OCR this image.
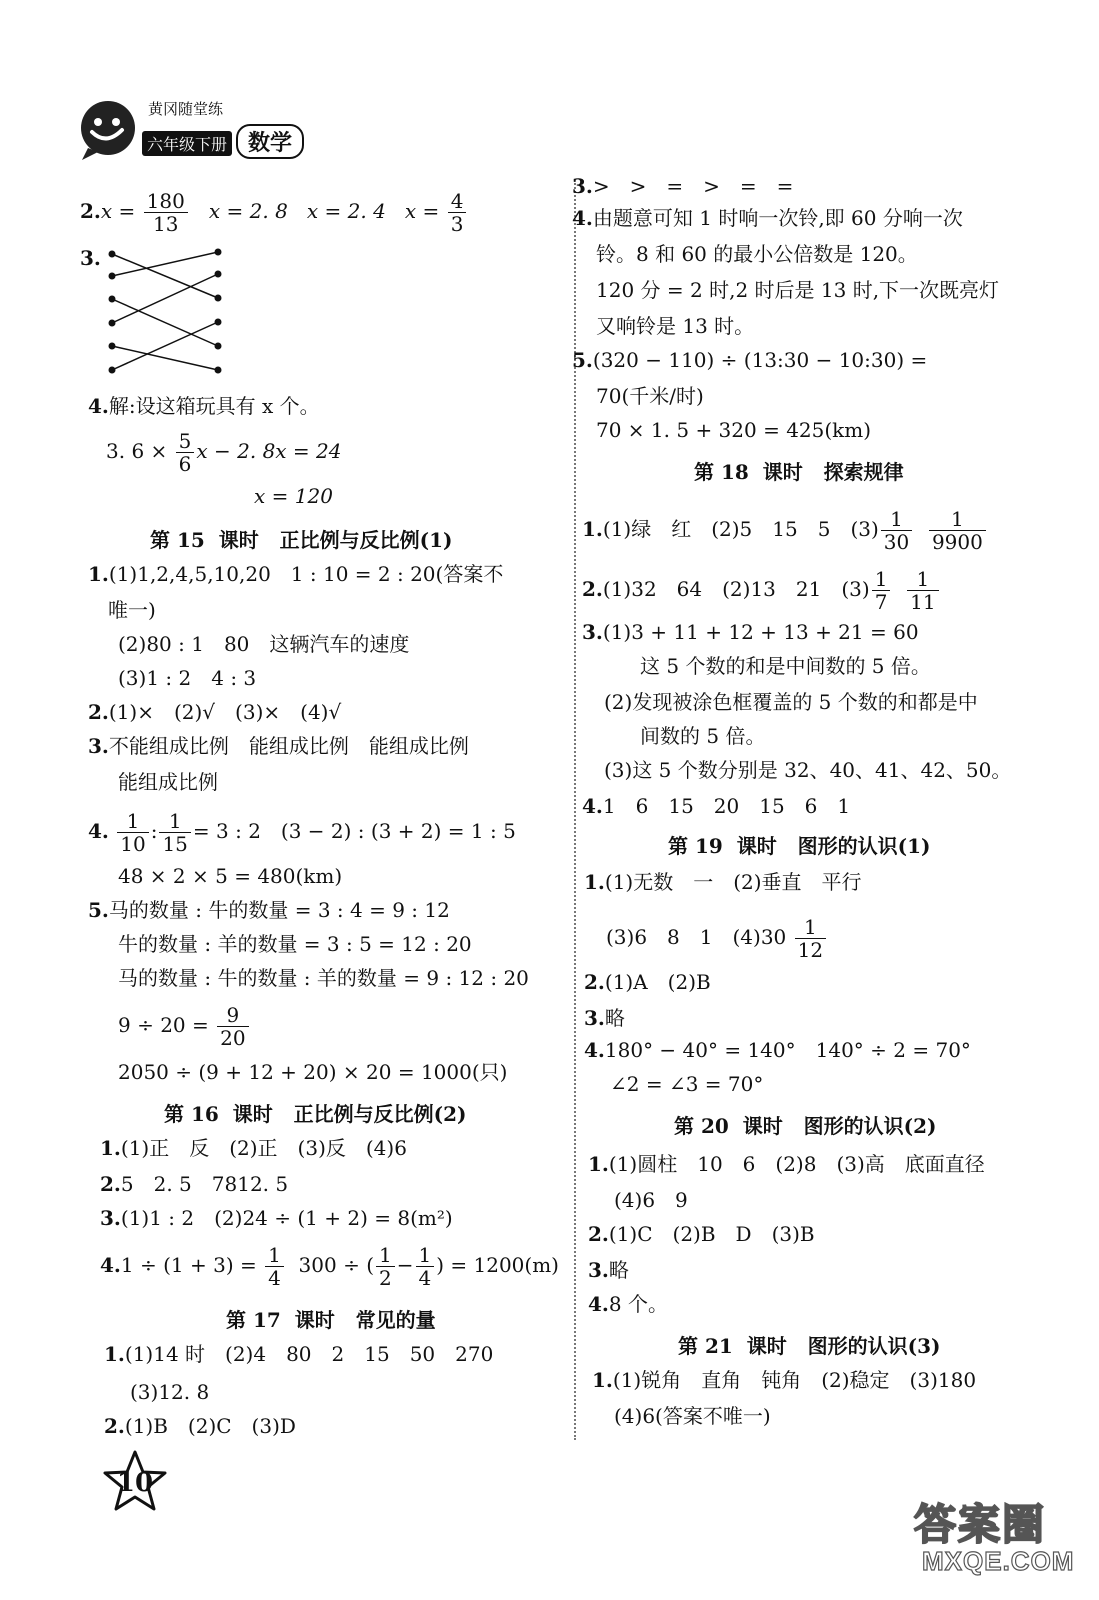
黄冈随堂练
六年级下册 数学
$2.x = \frac{180}{13}$ x = 2. 8 x = 2. 4 $x = \frac{4}{3}$
3.
4.解:设这箱玩具有 x 个。
3. $6 \times \frac{5}{6}$ x − 2. 8x = 24
x = 120
第 15 课时 正比例与反比例(1)
1.(1)1,2,4,5,10,20　1 : 10 = 2 : 20(答案不
唯一)
(2)80 : 1　80　这辆汽车的速度
(3)1 : 2　4 : 3
2.(1)×　(2)√　(3)×　(4)√
3.不能组成比例　能组成比例　能组成比例
能组成比例
4. $\frac{1}{10}$ : $\frac{1}{15} = 3$ : 2　(3 − 2) : (3 + 2) = 1 : 5
48 × 2 × 5 = 480(km)
5.马的数量 : 牛的数量 = 3 : 4 = 9 : 12
牛的数量 : 羊的数量 = 3 : 5 = 12 : 20
马的数量 : 牛的数量 : 羊的数量 = 9 : 12 : 20
$9 \div 20 = \frac{9}{20}$
2050 ÷ (9 + 12 + 20) × 20 = 1000(只)
第 16 课时 正比例与反比例(2)
1.(1)正　反　(2)正　(3)反　(4)6
2.5　2. 5　7812. 5
3.(1)1 : 2　(2)24 ÷ (1 + 2) = 8(m²)
$4.1 \div (1 + 3) = \frac{1}{4} 300$ ÷ ( $\frac{1}{2} - \frac{1}{4}$ ) = 1200(m)
第 17 课时 常见的量
1.(1)14 时　(2)4　80　2　15　50　270
(3)12. 8
2.(1)B　(2)C　(3)D
3.>　>　=　>　=　=
4.由题意可知 1 时响一次铃,即 60 分响一次
铃。8 和 60 的最小公倍数是 120。
120 分 = 2 时,2 时后是 13 时,下一次既亮灯
又响铃是 13 时。
5.(320 − 110) ÷ (13:30 − 10:30) =
70(千米/时)
70 × 1. 5 + 320 = 425(km)
第 18 课时 探索规律
1.(1)绿　红　(2)5　15　5　$(3) \frac{1}{30}$
$\frac{1}{9900}$
2.(1)32　64　(2)13　21　$(3) \frac{1}{7}$
$\frac{1}{11}$
3.(1)3 + 11 + 12 + 13 + 21 = 60
这 5 个数的和是中间数的 5 倍。
(2)发现被涂色框覆盖的 5 个数的和都是中
间数的 5 倍。
(3)这 5 个数分别是 32、40、41、42、50。
4.1　6　15　20　15　6　1
第 19 课时 图形的认识(1)
1.(1)无数　一　(2)垂直　平行
(3)6　8　1　$(4)30 \frac{1}{12}$
2.(1)A　(2)B
3.略
4.180° − 40° = 140°　140° ÷ 2 = 70°
∠2 = ∠3 = 70°
第 20 课时 图形的认识(2)
1.(1)圆柱　10　6　(2)8　(3)高　底面直径
(4)6　9
2.(1)C　(2)B　D　(3)B
3.略
4.8 个。
第 21 课时 图形的认识(3)
1.(1)锐角　直角　钝角　(2)稳定　(3)180
(4)6(答案不唯一)
10
答案圈
MXQE.COM
